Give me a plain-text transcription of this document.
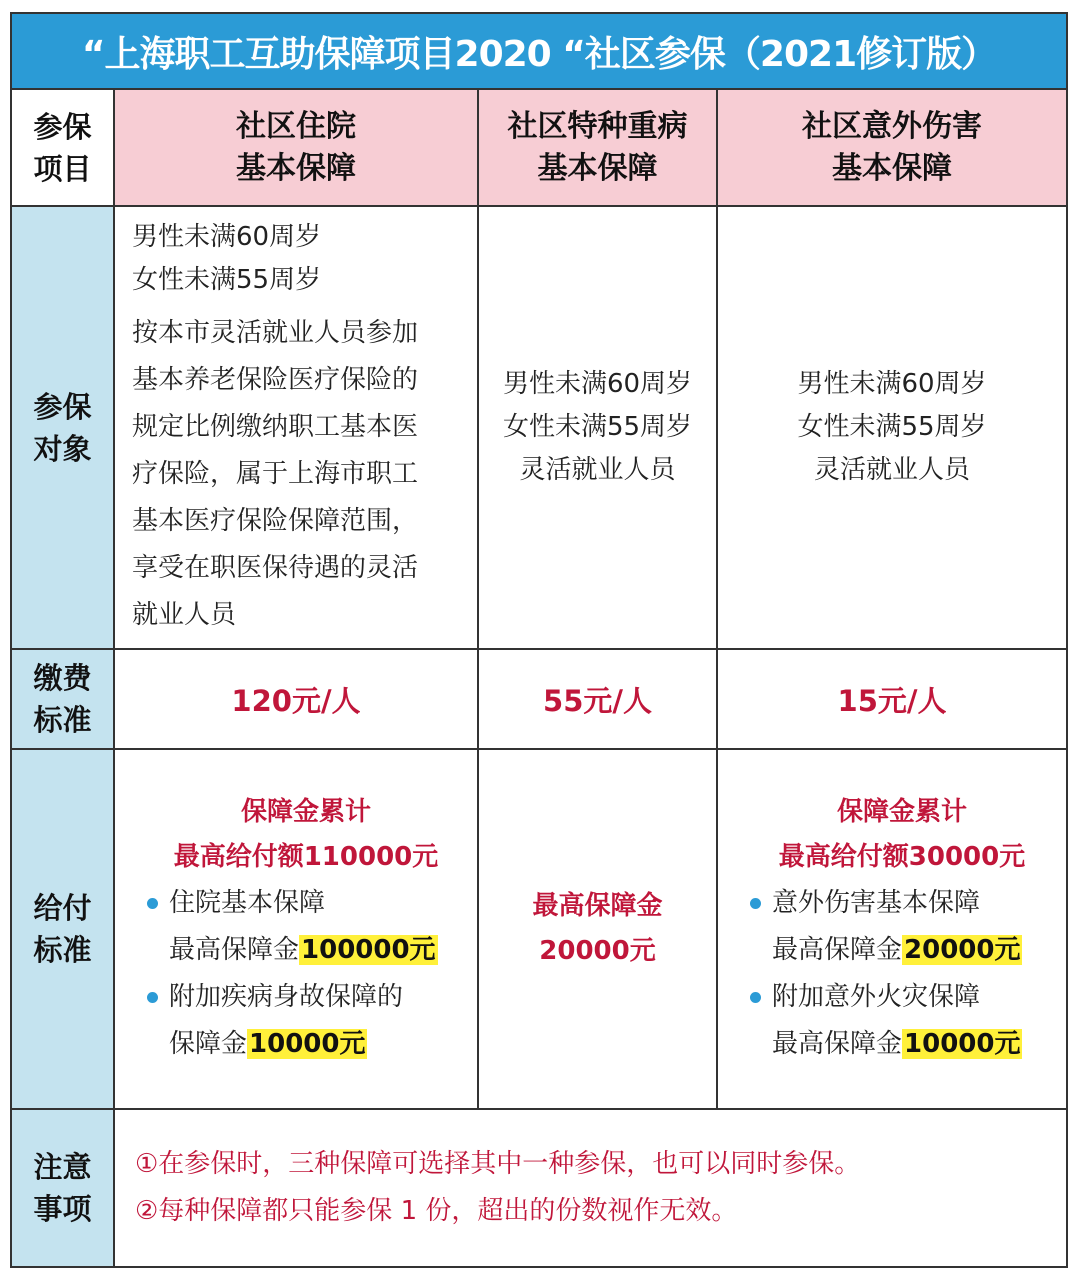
“上海职工互助保障项目2020 “社区参保（2021修订版）
参保
项目
社区住院
基本保障
社区特种重病
基本保障
社区意外伤害
基本保障
参保
对象
男性未满60周岁
女性未满55周岁
按本市灵活就业人员参加
基本养老保险医疗保险的
规定比例缴纳职工基本医
疗保险，属于上海市职工
基本医疗保险保障范围，
享受在职医保待遇的灵活
就业人员
男性未满60周岁
女性未满55周岁
灵活就业人员
男性未满60周岁
女性未满55周岁
灵活就业人员
缴费
标准
120元/人	55元/人	15元/人
给付
标准
保障金累计
最高给付额110000元
住院基本保障
最高保障金100000元
附加疾病身故保障的
保障金10000元
最高保障金
20000元
保障金累计
最高给付额30000元
意外伤害基本保障
最高保障金20000元
附加意外火灾保障
最高保障金10000元
注意
事项
①在参保时，三种保障可选择其中一种参保，也可以同时参保。
②每种保障都只能参保 1 份，超出的份数视作无效。
